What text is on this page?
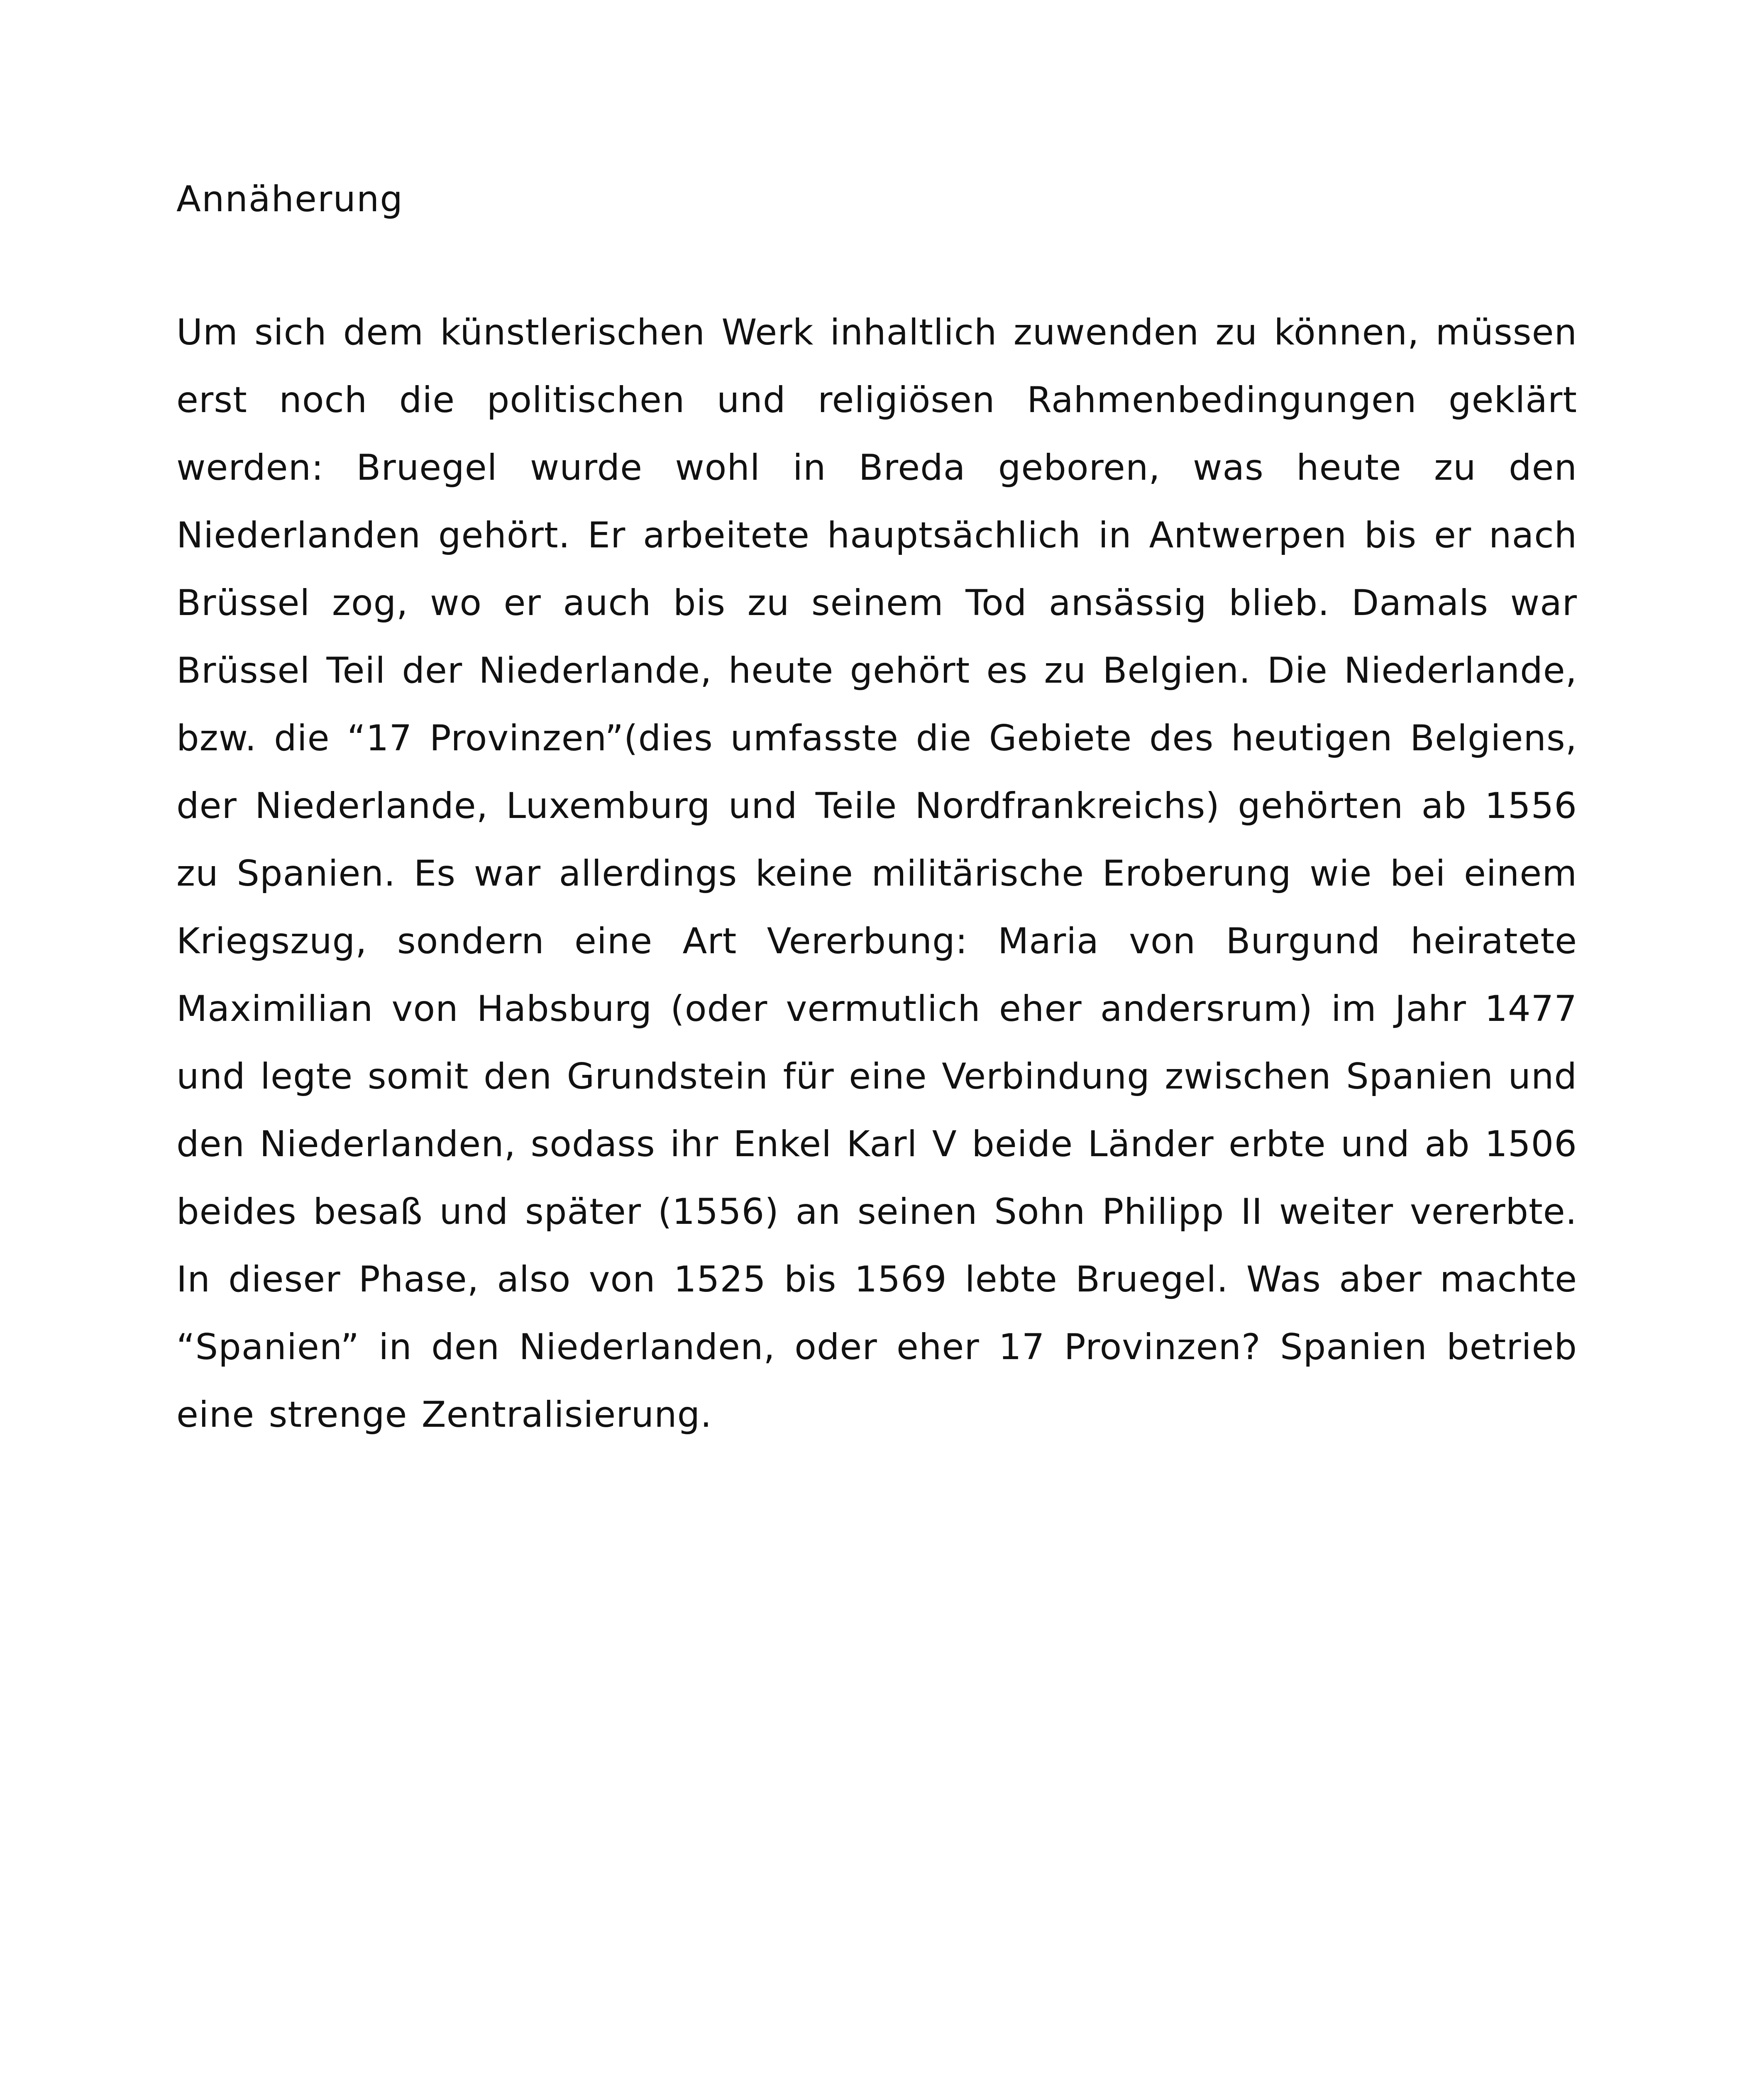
Annäherung
Um sich dem künstlerischen Werk inhaltlich zuwenden zu können, müssen erst noch die politischen und religiösen Rahmenbedingungen geklärt werden: Bruegel wurde wohl in Breda geboren, was heute zu den Niederlanden gehört. Er arbeitete hauptsächlich in Antwerpen bis er nach Brüssel zog, wo er auch bis zu seinem Tod ansässig blieb. Damals war Brüssel Teil der Niederlande, heute gehört es zu Belgien. Die Niederlande, bzw. die “17 Provinzen”(dies umfasste die Gebiete des heutigen Belgiens, der Niederlande, Luxemburg und Teile Nordfrankreichs) gehörten ab 1556 zu Spanien. Es war allerdings keine militärische Eroberung wie bei einem Kriegszug, sondern eine Art Vererbung: Maria von Burgund heiratete Maximilian von Habsburg (oder vermutlich eher andersrum) im Jahr 1477 und legte somit den Grundstein für eine Verbindung zwischen Spanien und den Niederlanden, sodass ihr Enkel Karl V beide Länder erbte und ab 1506 beides besaß und später (1556) an seinen Sohn Philipp II weiter vererbte. In dieser Phase, also von 1525 bis 1569 lebte Bruegel. Was aber machte “Spanien” in den Niederlanden, oder eher 17 Provinzen? Spanien betrieb eine strenge Zentralisierung.
